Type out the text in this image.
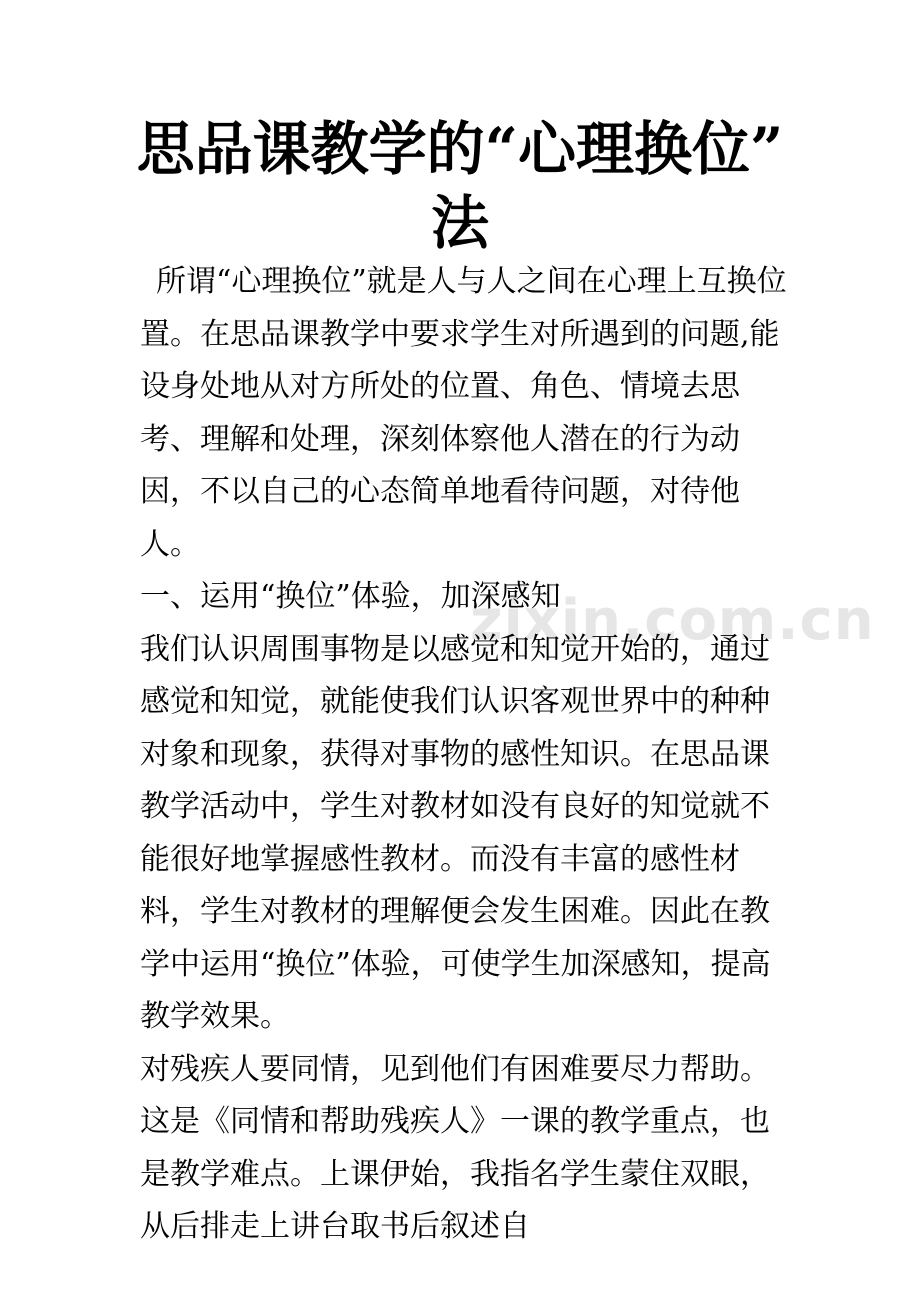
zixin.com.cn
思品课教学的“心理换位”
法

所谓“心理换位”就是人与人之间在心理上互换位置。在思品课教学中要求学生对所遇到的问题,能设身处地从对方所处的位置、角色、情境去思考、理解和处理，深刻体察他人潜在的行为动因，不以自己的心态简单地看待问题，对待他人。

一、运用“换位”体验，加深感知

我们认识周围事物是以感觉和知觉开始的，通过感觉和知觉，就能使我们认识客观世界中的种种对象和现象，获得对事物的感性知识。在思品课教学活动中，学生对教材如没有良好的知觉就不能很好地掌握感性教材。而没有丰富的感性材料，学生对教材的理解便会发生困难。因此在教学中运用“换位”体验，可使学生加深感知，提高教学效果。

对残疾人要同情，见到他们有困难要尽力帮助。这是《同情和帮助残疾人》一课的教学重点，也是教学难点。上课伊始，我指名学生蒙住双眼，从后排走上讲台取书后叙述自
